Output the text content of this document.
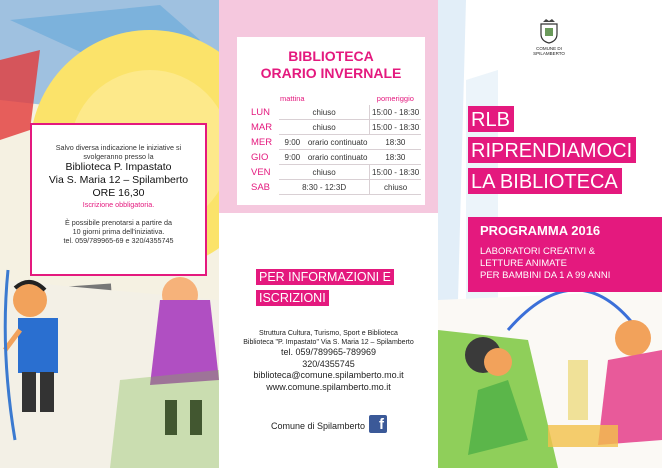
Salvo diversa indicazione le iniziative si
svolgeranno presso la
Biblioteca P. Impastato
Via S. Maria 12 – Spilamberto
ORE 16,30
Iscrizione obbligatoria.
È possibile prenotarsi a partire da
10 giorni prima dell'iniziativa.
tel. 059/789965-69 e 320/4355745
BIBLIOTECA
ORARIO INVERNALE
	mattina		pomeriggio
LUN	chiuso		15:00 - 18:30
MAR	chiuso		15:00 - 18:30
MER	9:00	orario continuato	18:30
GIO	9:00	orario continuato	18:30
VEN	chiuso		15:00 - 18:30
SAB	8:30 - 12:3D		chiuso
PER INFORMAZIONI E
ISCRIZIONI
Struttura Cultura, Turismo, Sport e Biblioteca
Biblioteca "P. Impastato" Via S. Maria 12 – Spilamberto
tel. 059/789965-789969
320/4355745
biblioteca@comune.spilamberto.mo.it
www.comune.spilamberto.mo.it
Comune di Spilamberto f
COMUNE DI
SPILAMBERTO
RLB
RIPRENDIAMOCI
LA BIBLIOTECA
PROGRAMMA 2016
LABORATORI CREATIVI &
LETTURE ANIMATE
PER BAMBINI DA 1 A 99 ANNI
